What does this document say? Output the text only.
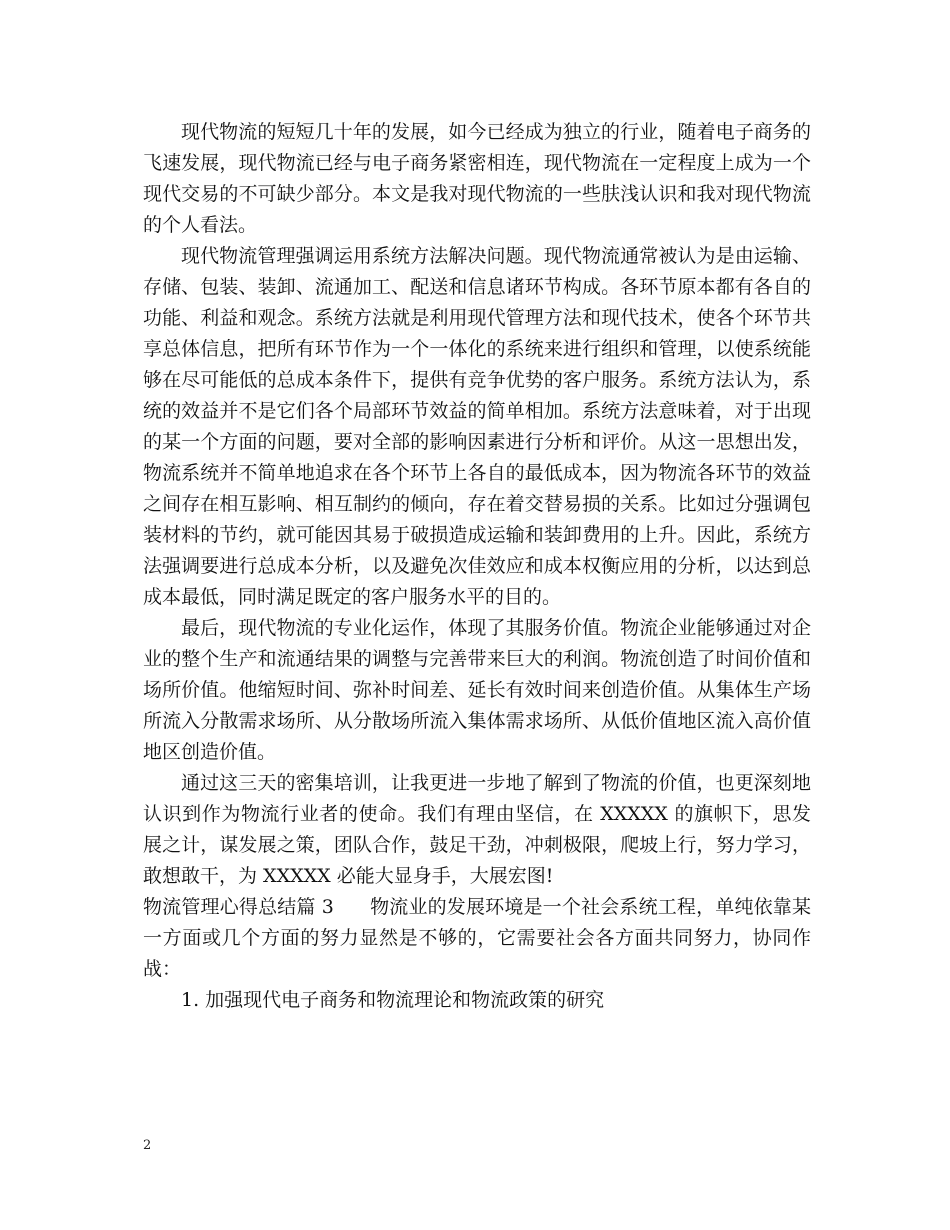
现代物流的短短几十年的发展，如今已经成为独立的行业，随着电子商务的飞速发展，现代物流已经与电子商务紧密相连，现代物流在一定程度上成为一个现代交易的不可缺少部分。本文是我对现代物流的一些肤浅认识和我对现代物流的个人看法。

现代物流管理强调运用系统方法解决问题。现代物流通常被认为是由运输、存储、包装、装卸、流通加工、配送和信息诸环节构成。各环节原本都有各自的功能、利益和观念。系统方法就是利用现代管理方法和现代技术，使各个环节共享总体信息，把所有环节作为一个一体化的系统来进行组织和管理，以使系统能够在尽可能低的总成本条件下，提供有竞争优势的客户服务。系统方法认为，系统的效益并不是它们各个局部环节效益的简单相加。系统方法意味着，对于出现的某一个方面的问题，要对全部的影响因素进行分析和评价。从这一思想出发，物流系统并不简单地追求在各个环节上各自的最低成本，因为物流各环节的效益之间存在相互影响、相互制约的倾向，存在着交替易损的关系。比如过分强调包装材料的节约，就可能因其易于破损造成运输和装卸费用的上升。因此，系统方法强调要进行总成本分析，以及避免次佳效应和成本权衡应用的分析，以达到总成本最低，同时满足既定的客户服务水平的目的。

最后，现代物流的专业化运作，体现了其服务价值。物流企业能够通过对企业的整个生产和流通结果的调整与完善带来巨大的利润。物流创造了时间价值和场所价值。他缩短时间、弥补时间差、延长有效时间来创造价值。从集体生产场所流入分散需求场所、从分散场所流入集体需求场所、从低价值地区流入高价值地区创造价值。

通过这三天的密集培训，让我更进一步地了解到了物流的价值，也更深刻地认识到作为物流行业者的使命。我们有理由坚信，在 XXXXX 的旗帜下，思发展之计，谋发展之策，团队合作，鼓足干劲，冲刺极限，爬坡上行，努力学习，敢想敢干，为 XXXXX 必能大显身手，大展宏图!

物流管理心得总结篇 3 物流业的发展环境是一个社会系统工程，单纯依靠某一方面或几个方面的努力显然是不够的，它需要社会各方面共同努力，协同作战：

1. 加强现代电子商务和物流理论和物流政策的研究

2
